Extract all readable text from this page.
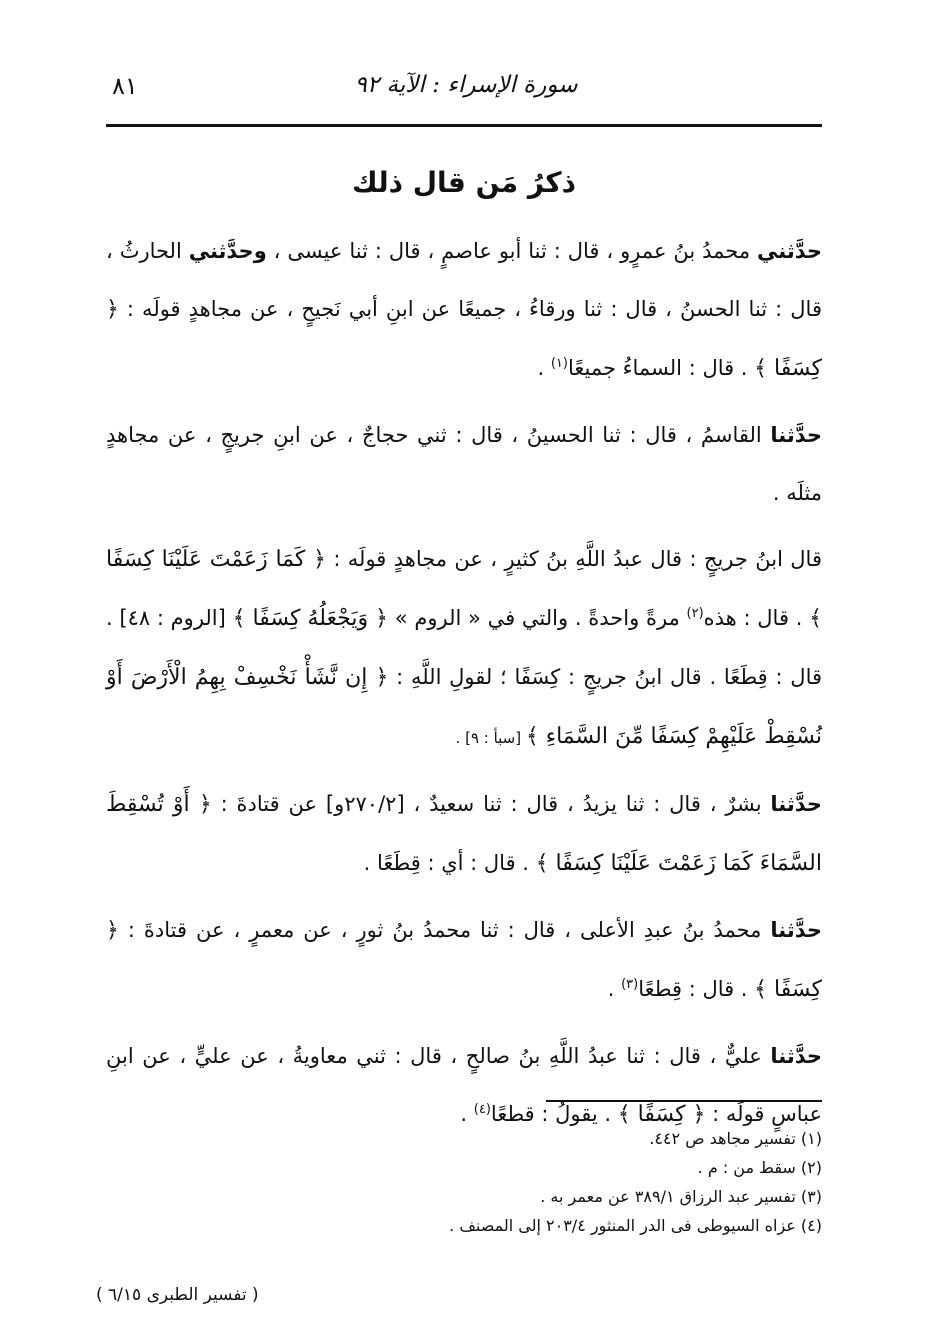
٨١	سورة الإسراء : الآية ٩٢
ذكرُ مَن قال ذلك

حدَّثني محمدُ بنُ عمرٍو ، قال : ثنا أبو عاصمٍ ، قال : ثنا عيسى ، وحدَّثني الحارثُ ، قال : ثنا الحسنُ ، قال : ثنا ورقاءُ ، جميعًا عن ابنِ أبي نَجيحٍ ، عن مجاهدٍ قولَه : ﴿ كِسَفًا ﴾ . قال : السماءُ جميعًا$^{(١)}$ .

حدَّثنا القاسمُ ، قال : ثنا الحسينُ ، قال : ثني حجاجٌ ، عن ابنِ جريجٍ ، عن مجاهدٍ مثلَه .

قال ابنُ جريجٍ : قال عبدُ اللَّهِ بنُ كثيرٍ ، عن مجاهدٍ قولَه : ﴿ كَمَا زَعَمْتَ عَلَيْنَا كِسَفًا ﴾ . قال : هذه$^{(٢)}$ مرةً واحدةً . والتي في « الروم » ﴿ وَيَجْعَلُهُ كِسَفًا ﴾ [الروم : ٤٨] . قال : قِطَعًا . قال ابنُ جريجٍ : كِسَفًا ؛ لقولِ اللَّهِ : ﴿ إِن نَّشَأْ نَخْسِفْ بِهِمُ الْأَرْضَ أَوْ نُسْقِطْ عَلَيْهِمْ كِسَفًا مِّنَ السَّمَاءِ ﴾ [سبأ : ٩] .

حدَّثنا بشرٌ ، قال : ثنا يزيدُ ، قال : ثنا سعيدٌ ، [٢٧٠/٢و] عن قتادةَ : ﴿ أَوْ تُسْقِطَ السَّمَاءَ كَمَا زَعَمْتَ عَلَيْنَا كِسَفًا ﴾ . قال : أي : قِطَعًا .

حدَّثنا محمدُ بنُ عبدِ الأعلى ، قال : ثنا محمدُ بنُ ثورٍ ، عن معمرٍ ، عن قتادةَ : ﴿ كِسَفًا ﴾ . قال : قِطعًا$^{(٣)}$ .

حدَّثنا عليٌّ ، قال : ثنا عبدُ اللَّهِ بنُ صالحٍ ، قال : ثني معاويةُ ، عن عليٍّ ، عن ابنِ عباسٍ قولَه : ﴿ كِسَفًا ﴾ . يقولُ : قطعًا$^{(٤)}$ .

(١) تفسير مجاهد ص ٤٤٢.
(٢) سقط من : م .
(٣) تفسير عبد الرزاق ٣٨٩/١ عن معمر به .
(٤) عزاه السيوطى فى الدر المنثور ٢٠٣/٤ إلى المصنف .
( تفسير الطبرى ٦/١٥ )
